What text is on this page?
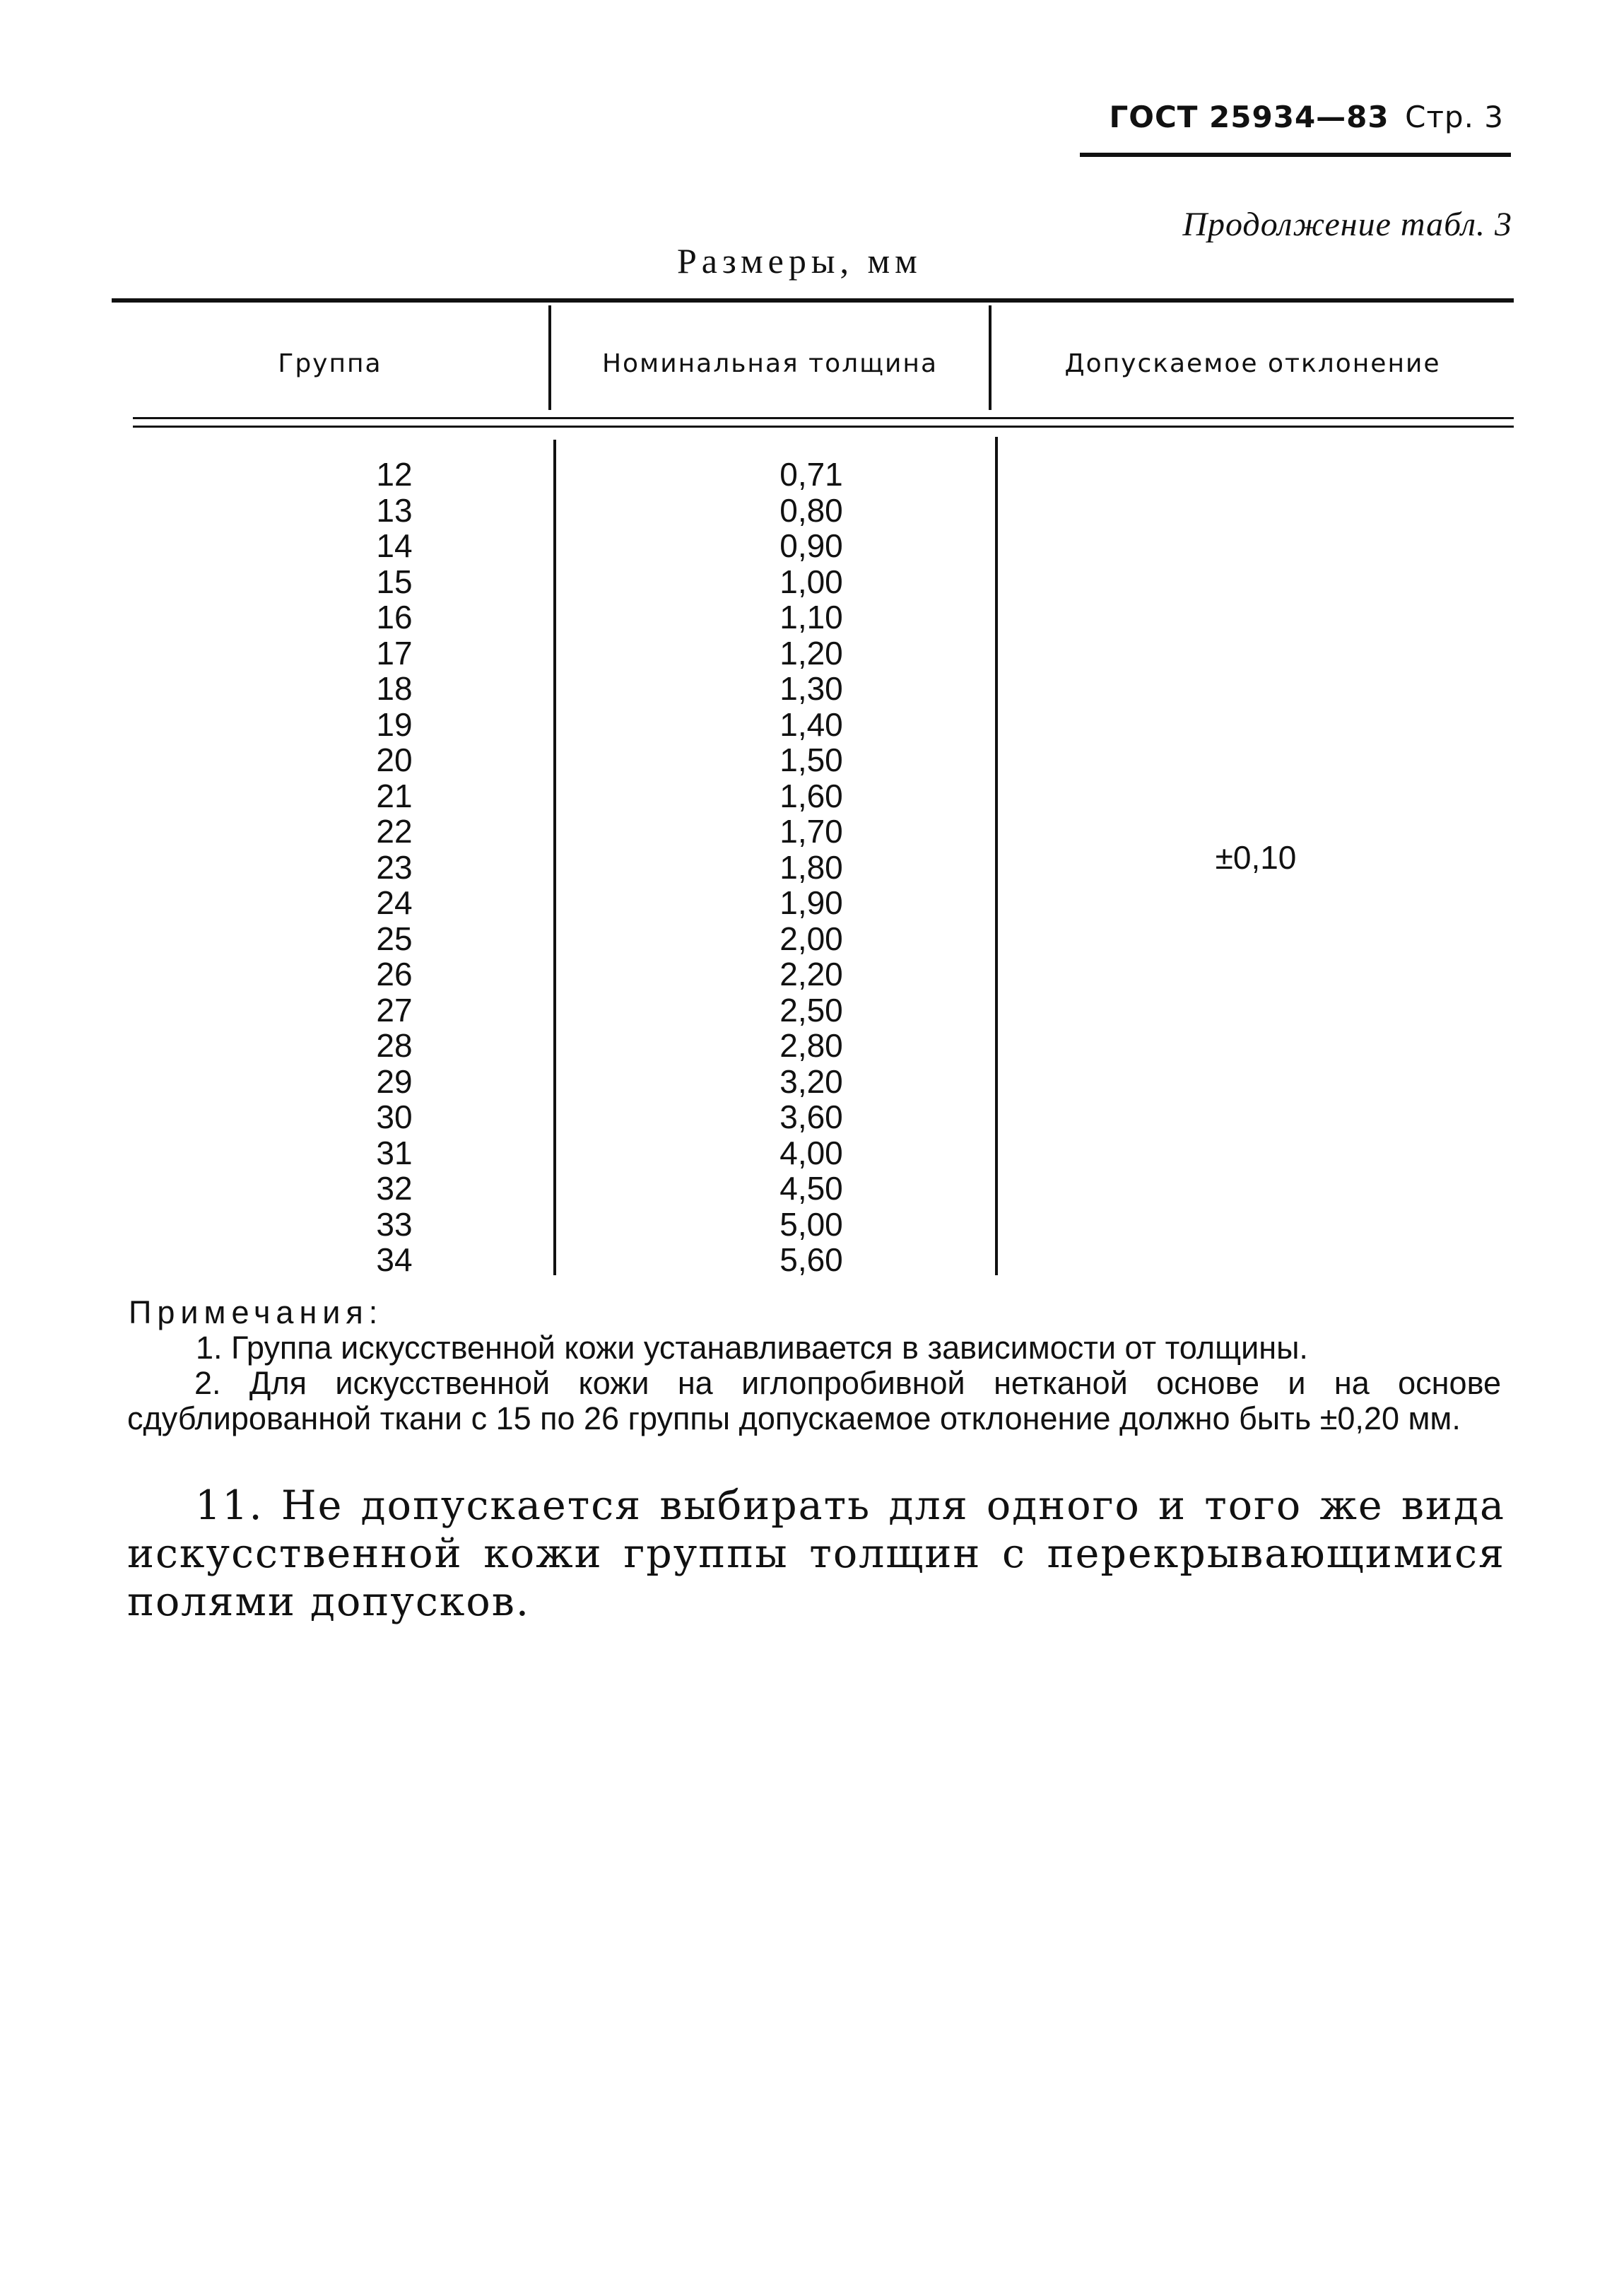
ГОСТ 25934—83 Стр. 3
Продолжение табл. 3
Размеры, мм
Группа	Номинальная толщина	Допускаемое отклонение
12
13
14
15
16
17
18
19
20
21
22
23
24
25
26
27
28
29
30
31
32
33
34
0,71
0,80
0,90
1,00
1,10
1,20
1,30
1,40
1,50
1,60
1,70
1,80
1,90
2,00
2,20
2,50
2,80
3,20
3,60
4,00
4,50
5,00
5,60
±0,10
Примечания:
1. Группа искусственной кожи устанавливается в зависимости от толщины.
2. Для искусственной кожи на иглопробивной нетканой основе и на основе сдублированной ткани с 15 по 26 группы допускаемое отклонение должно быть ±0,20 мм.
11. Не допускается выбирать для одного и того же вида искусственной кожи группы толщин с перекрывающимися полями допусков.
